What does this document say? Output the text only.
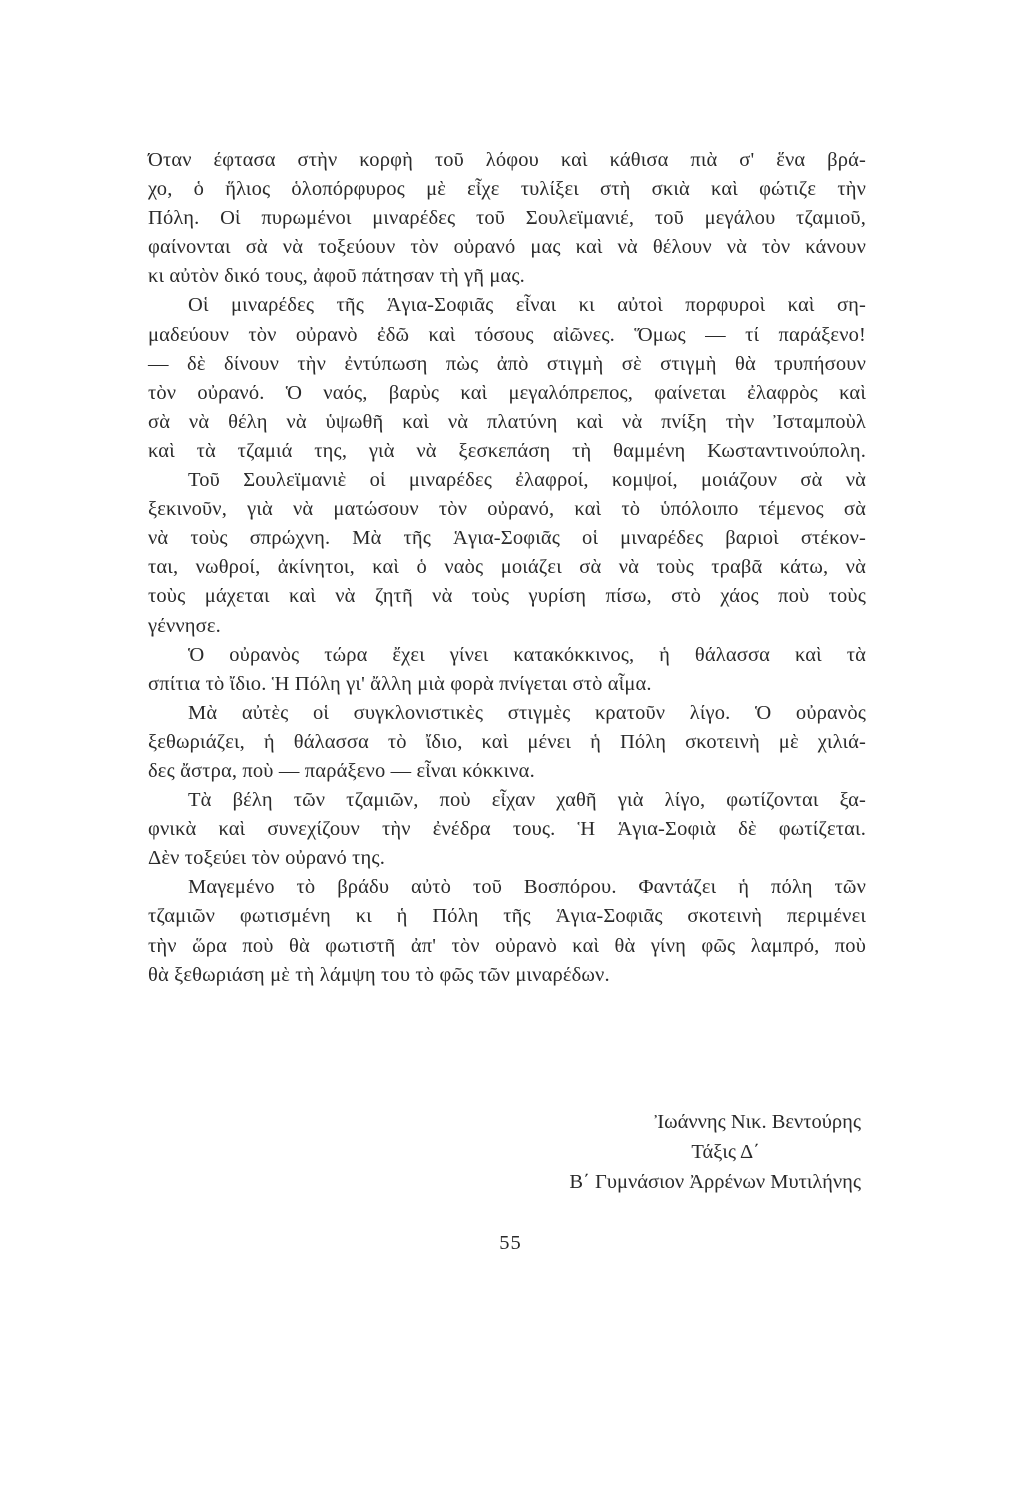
Όταν έφτασα στὴν κορφὴ τοῦ λόφου καὶ κάθισα πιὰ σ' ἕνα βρά-
χο, ὁ ἥλιος ὁλοπόρφυρος μὲ εἶχε τυλίξει στὴ σκιὰ καὶ φώτιζε τὴν
Πόλη. Οἱ πυρωμένοι μιναρέδες τοῦ Σουλεϊμανιέ, τοῦ μεγάλου τζαμιοῦ,
φαίνονται σὰ νὰ τοξεύουν τὸν οὐρανό μας καὶ νὰ θέλουν νὰ τὸν κάνουν
κι αὐτὸν δικό τους, ἀφοῦ πάτησαν τὴ γῆ μας.
Οἱ μιναρέδες τῆς Ἁγια-Σοφιᾶς εἶναι κι αὐτοὶ πορφυροὶ καὶ ση-
μαδεύουν τὸν οὐρανὸ ἐδῶ καὶ τόσους αἰῶνες. Ὅμως — τί παράξενο!
— δὲ δίνουν τὴν ἐντύπωση πὼς ἀπὸ στιγμὴ σὲ στιγμὴ θὰ τρυπήσουν
τὸν οὐρανό. Ὁ ναός, βαρὺς καὶ μεγαλόπρεπος, φαίνεται ἐλαφρὸς καὶ
σὰ νὰ θέλη νὰ ὑψωθῆ καὶ νὰ πλατύνη καὶ νὰ πνίξη τὴν Ἰσταμποὺλ
καὶ τὰ τζαμιά της, γιὰ νὰ ξεσκεπάση τὴ θαμμένη Κωσταντινούπολη.
Τοῦ Σουλεϊμανιὲ οἱ μιναρέδες ἐλαφροί, κομψοί, μοιάζουν σὰ νὰ
ξεκινοῦν, γιὰ νὰ ματώσουν τὸν οὐρανό, καὶ τὸ ὑπόλοιπο τέμενος σὰ
νὰ τοὺς σπρώχνη. Μὰ τῆς Ἁγια-Σοφιᾶς οἱ μιναρέδες βαριοὶ στέκον-
ται, νωθροί, ἀκίνητοι, καὶ ὁ ναὸς μοιάζει σὰ νὰ τοὺς τραβᾶ κάτω, νὰ
τοὺς μάχεται καὶ νὰ ζητῆ νὰ τοὺς γυρίση πίσω, στὸ χάος ποὺ τοὺς
γέννησε.
Ὁ οὐρανὸς τώρα ἔχει γίνει κατακόκκινος, ἡ θάλασσα καὶ τὰ
σπίτια τὸ ἴδιο. Ἡ Πόλη γι' ἄλλη μιὰ φορὰ πνίγεται στὸ αἷμα.
Μὰ αὐτὲς οἱ συγκλονιστικὲς στιγμὲς κρατοῦν λίγο. Ὁ οὐρανὸς
ξεθωριάζει, ἡ θάλασσα τὸ ἴδιο, καὶ μένει ἡ Πόλη σκοτεινὴ μὲ χιλιά-
δες ἄστρα, ποὺ — παράξενο — εἶναι κόκκινα.
Τὰ βέλη τῶν τζαμιῶν, ποὺ εἶχαν χαθῆ γιὰ λίγο, φωτίζονται ξα-
φνικὰ καὶ συνεχίζουν τὴν ἐνέδρα τους. Ἡ Ἁγια-Σοφιὰ δὲ φωτίζεται.
Δὲν τοξεύει τὸν οὐρανό της.
Μαγεμένο τὸ βράδυ αὐτὸ τοῦ Βοσπόρου. Φαντάζει ἡ πόλη τῶν
τζαμιῶν φωτισμένη κι ἡ Πόλη τῆς Ἁγια-Σοφιᾶς σκοτεινὴ περιμένει
τὴν ὥρα ποὺ θὰ φωτιστῆ ἀπ' τὸν οὐρανὸ καὶ θὰ γίνη φῶς λαμπρό, ποὺ
θὰ ξεθωριάση μὲ τὴ λάμψη του τὸ φῶς τῶν μιναρέδων.
Ἰωάννης Νικ. Βεντούρης
Τάξις Δ΄
Β΄ Γυμνάσιον Ἀρρένων Μυτιλήνης
55
